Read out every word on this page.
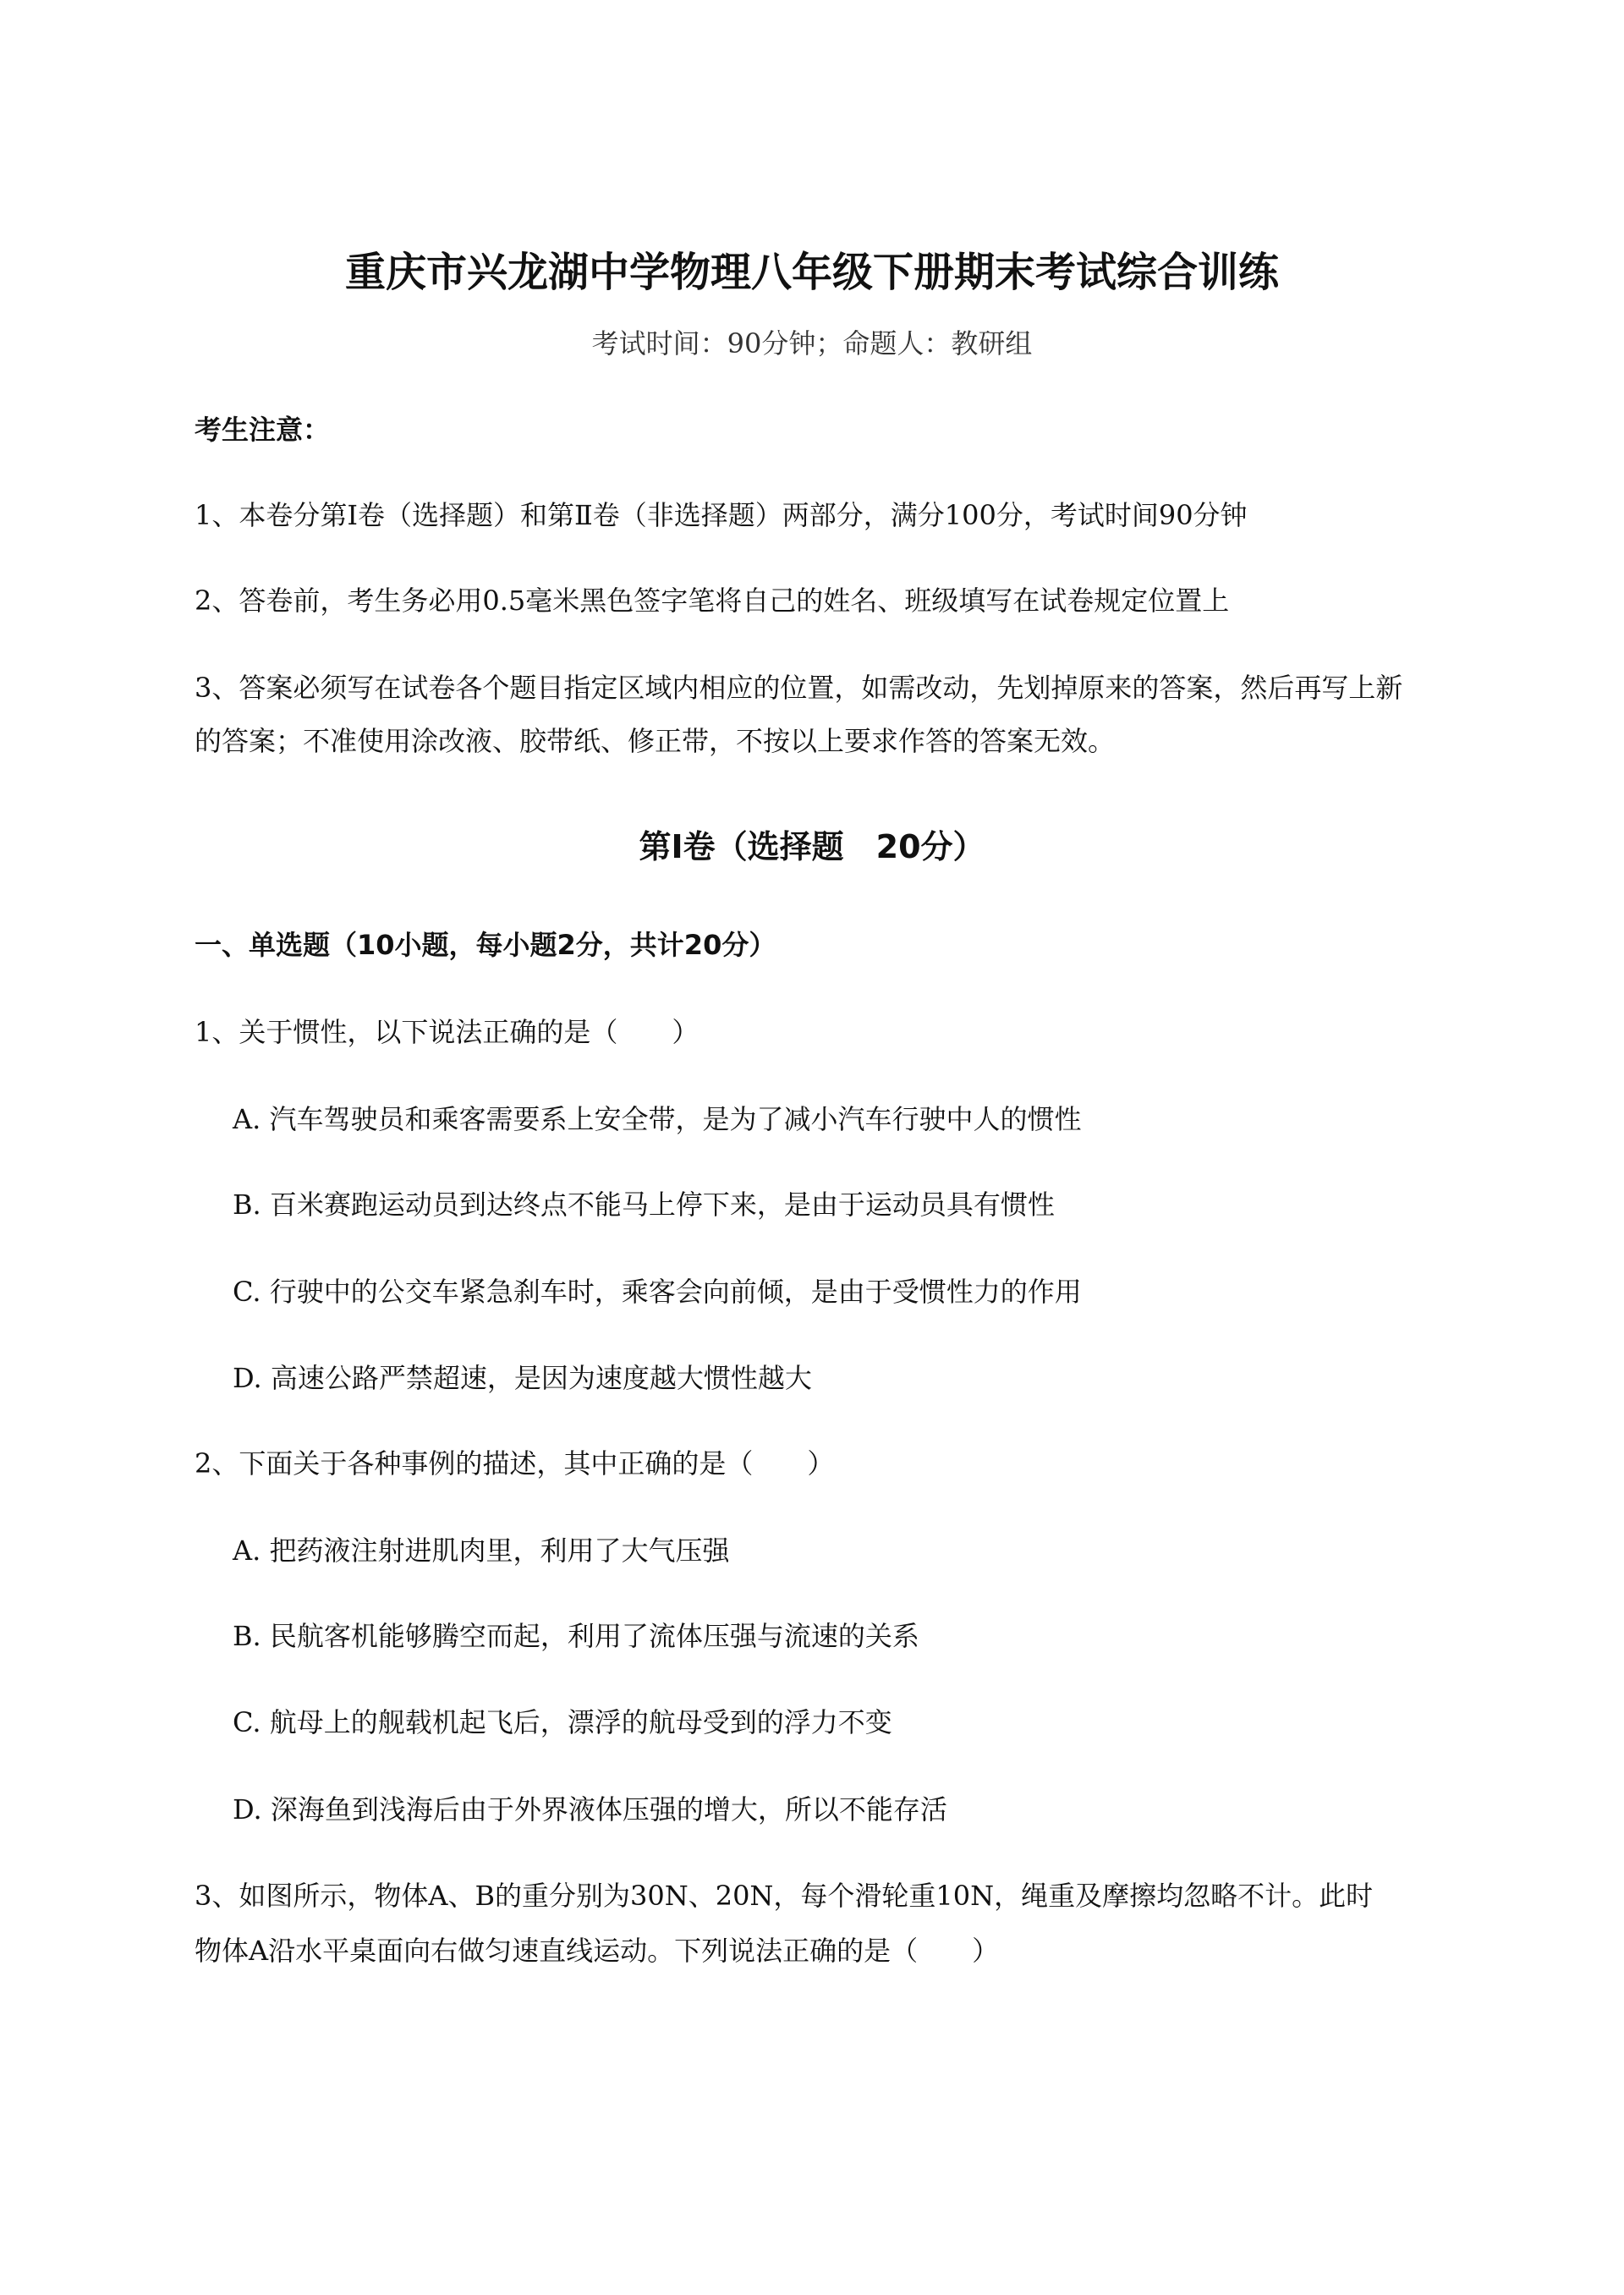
重庆市兴龙湖中学物理八年级下册期末考试综合训练
考试时间：90分钟；命题人：教研组
考生注意：
1、本卷分第Ⅰ卷（选择题）和第Ⅱ卷（非选择题）两部分，满分100分，考试时间90分钟
2、答卷前，考生务必用0.5毫米黑色签字笔将自己的姓名、班级填写在试卷规定位置上
3、答案必须写在试卷各个题目指定区域内相应的位置，如需改动，先划掉原来的答案，然后再写上新
的答案；不准使用涂改液、胶带纸、修正带，不按以上要求作答的答案无效。
第Ⅰ卷（选择题　20分）
一、单选题（10小题，每小题2分，共计20分）
1、关于惯性，以下说法正确的是（　　）
A. 汽车驾驶员和乘客需要系上安全带，是为了减小汽车行驶中人的惯性
B. 百米赛跑运动员到达终点不能马上停下来，是由于运动员具有惯性
C. 行驶中的公交车紧急刹车时，乘客会向前倾，是由于受惯性力的作用
D. 高速公路严禁超速，是因为速度越大惯性越大
2、下面关于各种事例的描述，其中正确的是（　　）
A. 把药液注射进肌肉里，利用了大气压强
B. 民航客机能够腾空而起，利用了流体压强与流速的关系
C. 航母上的舰载机起飞后，漂浮的航母受到的浮力不变
D. 深海鱼到浅海后由于外界液体压强的增大，所以不能存活
3、如图所示，物体A、B的重分别为30N、20N，每个滑轮重10N，绳重及摩擦均忽略不计。此时
物体A沿水平桌面向右做匀速直线运动。下列说法正确的是（　　）
